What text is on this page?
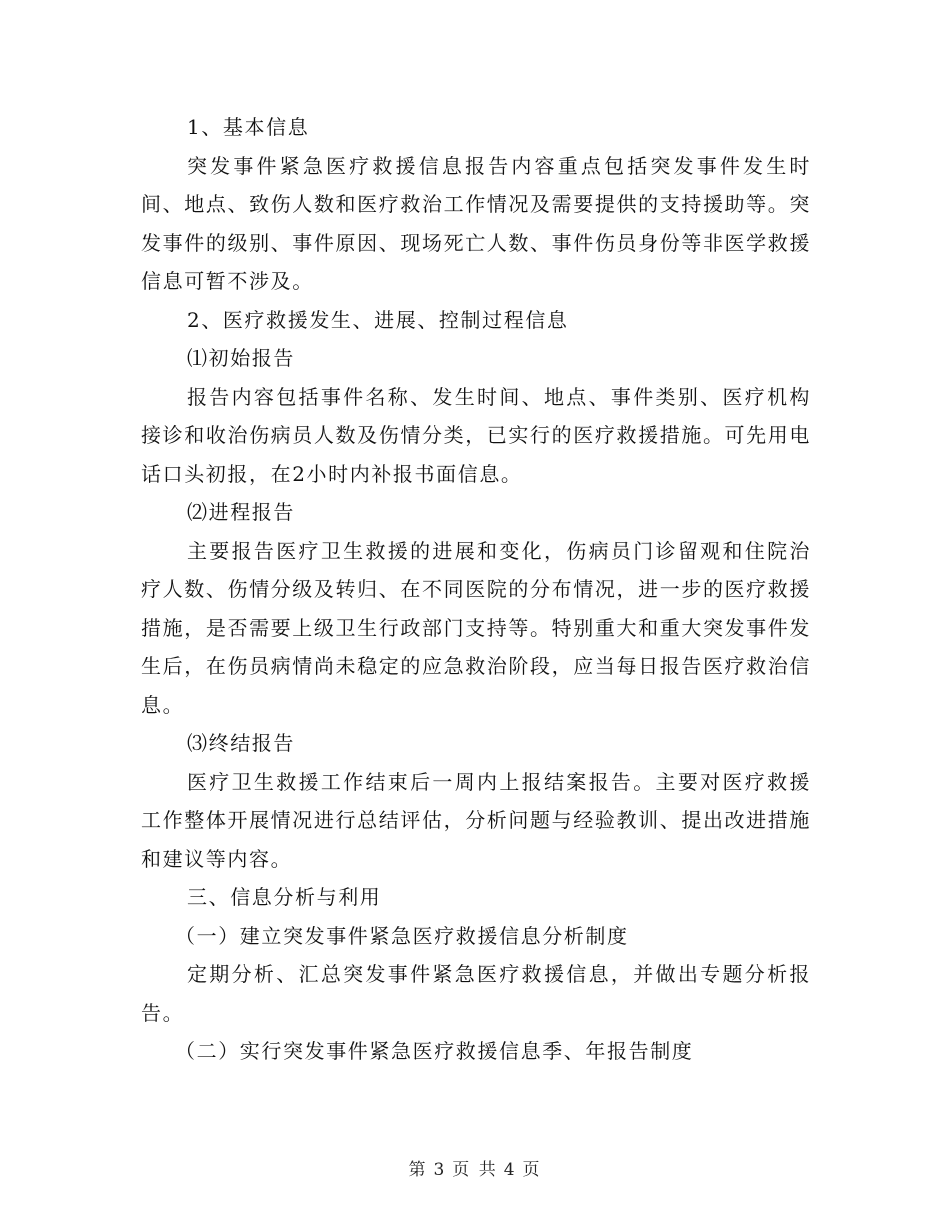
1、基本信息

突发事件紧急医疗救援信息报告内容重点包括突发事件发生时间、地点、致伤人数和医疗救治工作情况及需要提供的支持援助等。突发事件的级别、事件原因、现场死亡人数、事件伤员身份等非医学救援信息可暂不涉及。

2、医疗救援发生、进展、控制过程信息

⑴初始报告

报告内容包括事件名称、发生时间、地点、事件类别、医疗机构接诊和收治伤病员人数及伤情分类，已实行的医疗救援措施。可先用电话口头初报，在2小时内补报书面信息。

⑵进程报告

主要报告医疗卫生救援的进展和变化，伤病员门诊留观和住院治疗人数、伤情分级及转归、在不同医院的分布情况，进一步的医疗救援措施，是否需要上级卫生行政部门支持等。特别重大和重大突发事件发生后，在伤员病情尚未稳定的应急救治阶段，应当每日报告医疗救治信息。

⑶终结报告

医疗卫生救援工作结束后一周内上报结案报告。主要对医疗救援工作整体开展情况进行总结评估，分析问题与经验教训、提出改进措施和建议等内容。

三、信息分析与利用

（一）建立突发事件紧急医疗救援信息分析制度

定期分析、汇总突发事件紧急医疗救援信息，并做出专题分析报告。

（二）实行突发事件紧急医疗救援信息季、年报告制度

第 3 页 共 4 页
